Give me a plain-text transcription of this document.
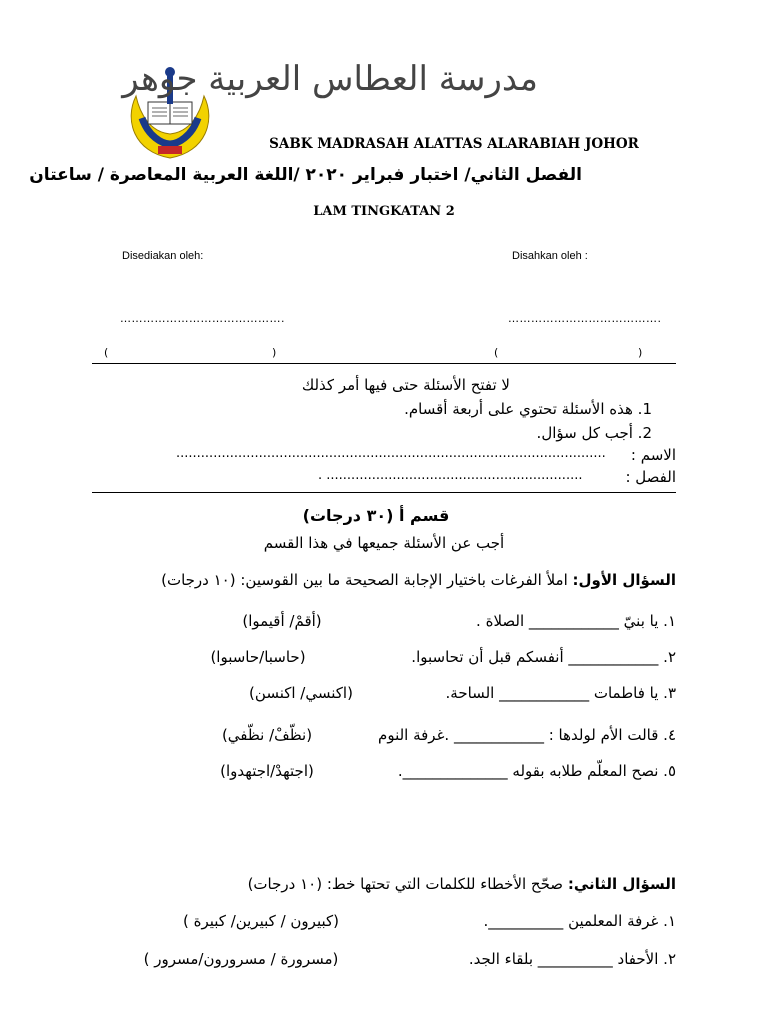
مدرسة العطاس العربية جوهر
SABK MADRASAH ALATTAS ALARABIAH JOHOR
الفصل الثاني/ اختبار فبراير ٢٠٢٠ /اللغة العربية المعاصرة / ساعتان
LAM TINGKATAN 2
Disediakan oleh:	Disahkan oleh :
…………………………………….	………………………………….
(	)	(	)
لا تفتح الأسئلة حتى فيها أمر كذلك
1. هذه الأسئلة تحتوي على أربعة أقسام.
2. أجب كل سؤال.
الاسم :
........................................................................................................
الفصل :
. ..............................................................
قسم أ (٣٠ درجات)
أجب عن الأسئلة جميعها في هذا القسم
السؤال الأول: املأ الفرغات باختيار الإجابة الصحيحة ما بين القوسين: (١٠ درجات)
١. يا بنيّ ____________ الصلاة .
(أقمْ/ أقيموا)
٢. ____________ أنفسكم قبل أن تحاسبوا.
(حاسبا/حاسبوا)
٣. يا فاطمات ____________ الساحة.
(اكنسي/ اكنسن)
٤. قالت الأم لولدها : ____________ .غرفة النوم
(نظّفْ/ نظّفي)
٥. نصح المعلّم طلابه بقوله ______________.
(اجتهدْ/اجتهدوا)
السؤال الثاني: صحّح الأخطاء للكلمات التي تحتها خط: (١٠ درجات)
١. غرفة المعلمين __________.
(كبيرون / كبيرين/ كبيرة )
٢. الأحفاد __________ بلقاء الجد.
(مسرورة / مسرورون/مسرور )
